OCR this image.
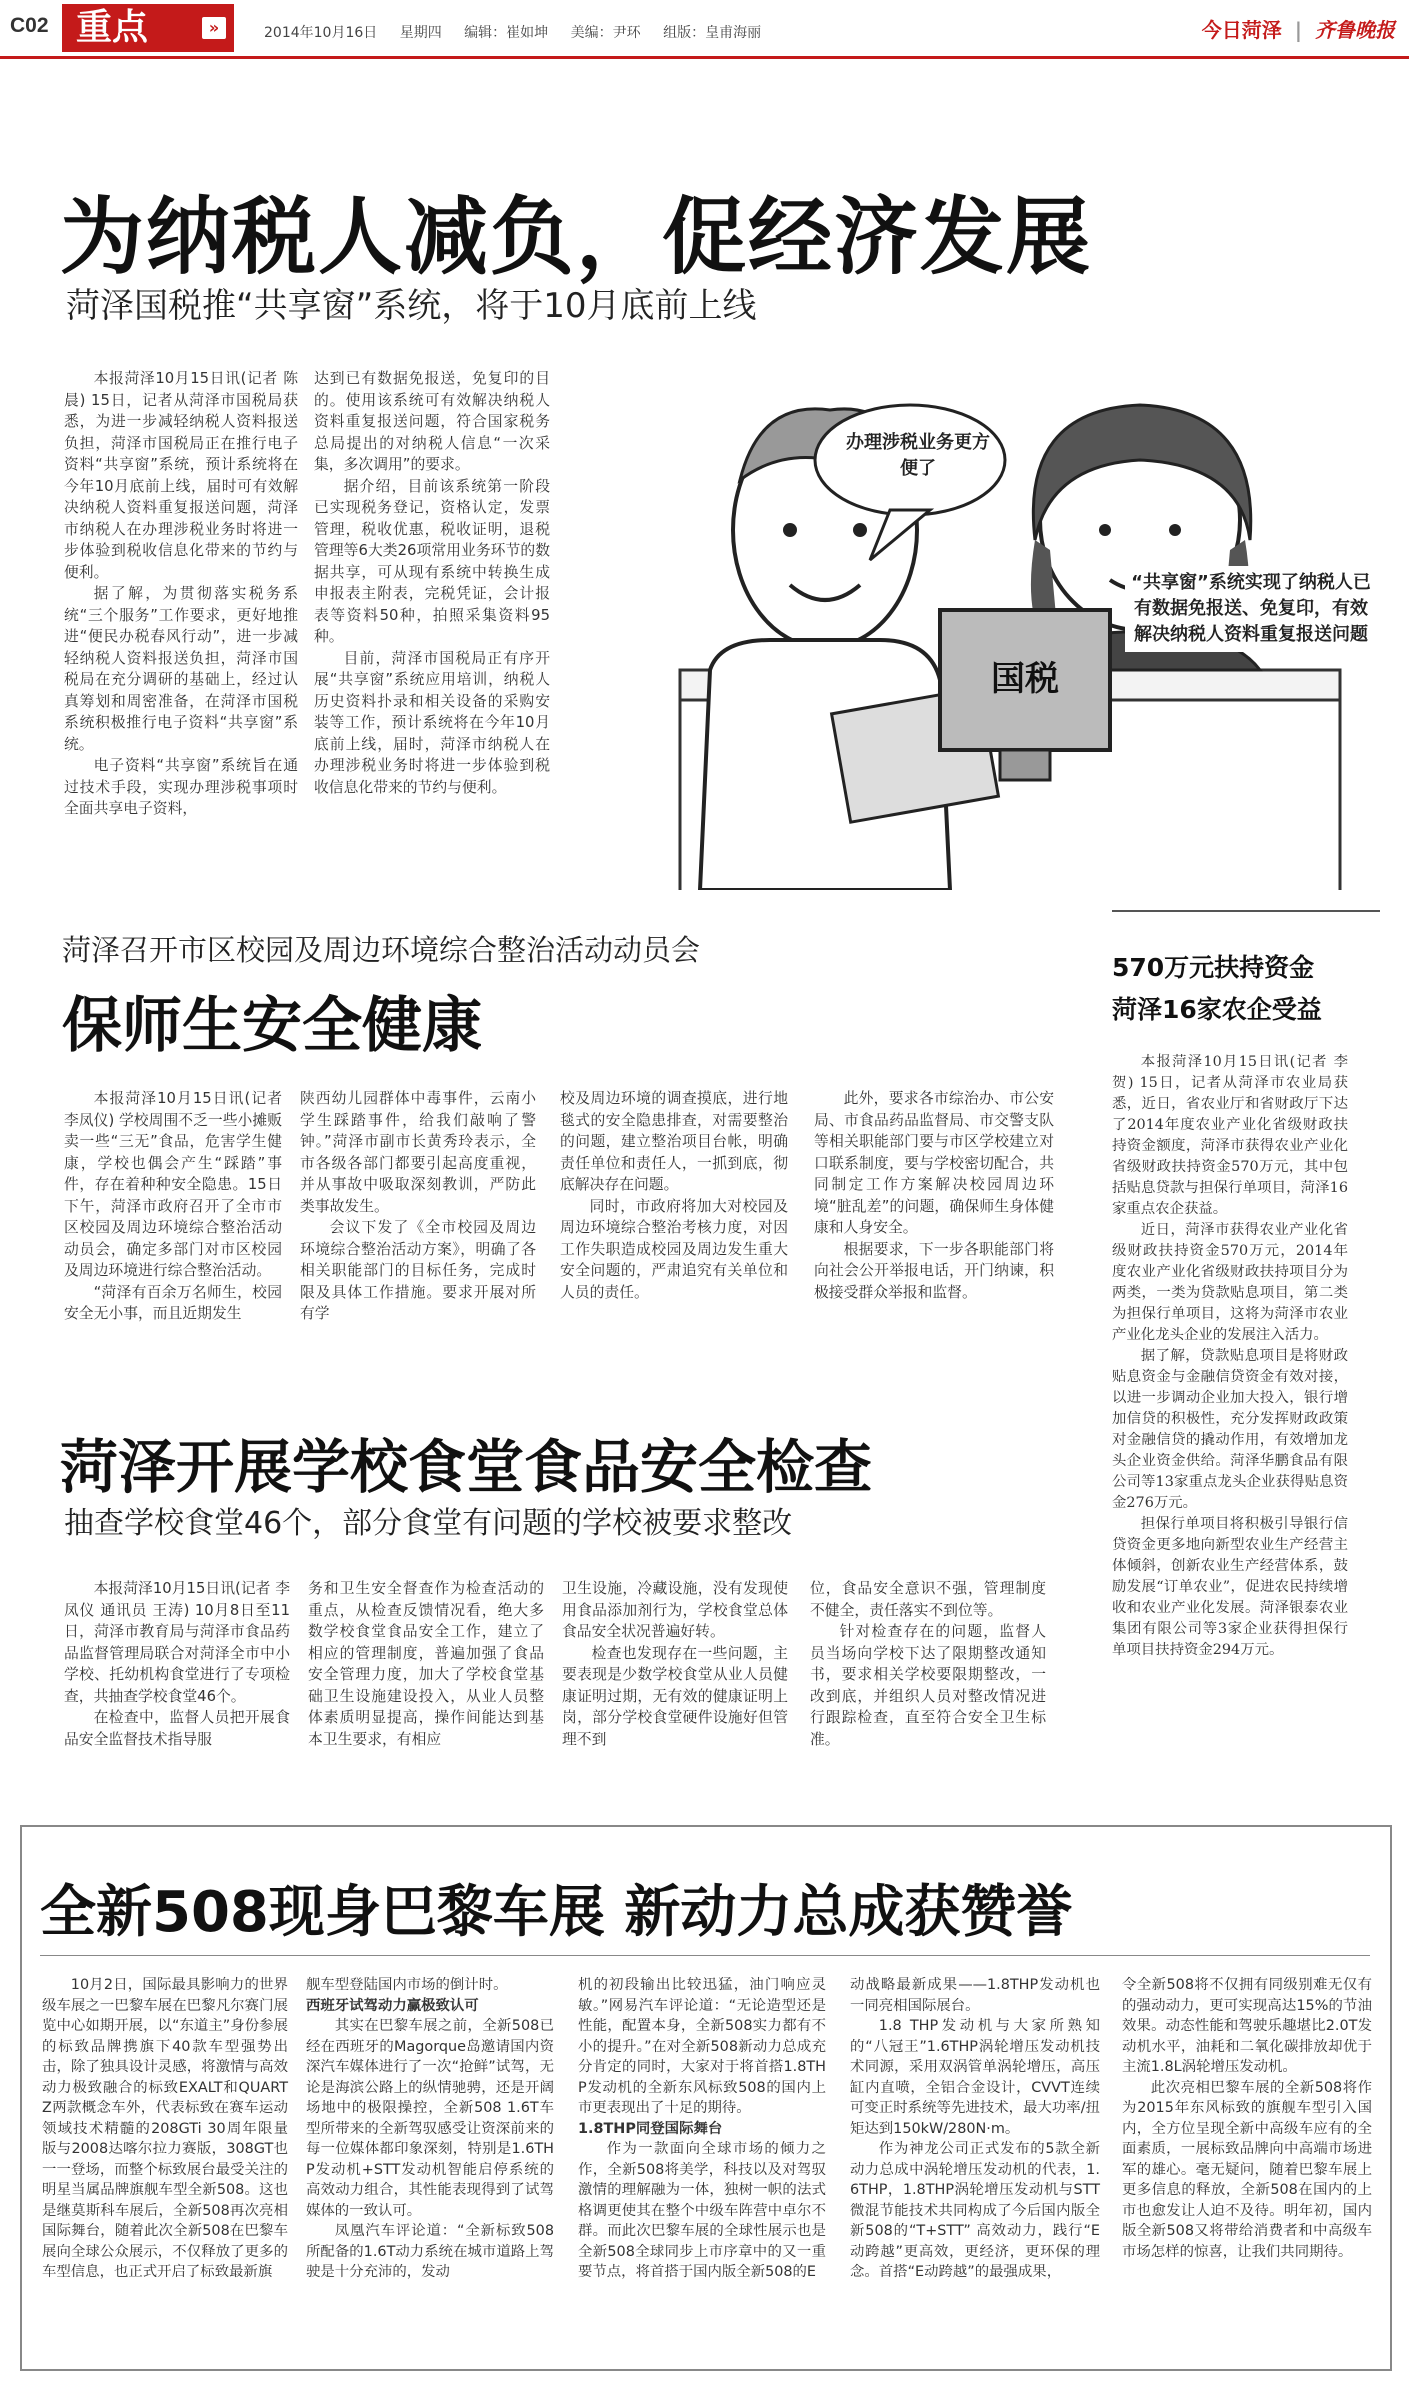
C02 重点	»	2014年10月16日 星期四 编辑：崔如坤 美编：尹环 组版：皇甫海丽	今日菏泽 | 齐鲁晚报
为纳税人减负，促经济发展
菏泽国税推“共享窗”系统，将于10月底前上线

本报菏泽10月15日讯(记者 陈晨) 15日，记者从菏泽市国税局获悉，为进一步减轻纳税人资料报送负担，菏泽市国税局正在推行电子资料“共享窗”系统，预计系统将在今年10月底前上线，届时可有效解决纳税人资料重复报送问题，菏泽市纳税人在办理涉税业务时将进一步体验到税收信息化带来的节约与便利。

据了解，为贯彻落实税务系统“三个服务”工作要求，更好地推进“便民办税春风行动”，进一步减轻纳税人资料报送负担，菏泽市国税局在充分调研的基础上，经过认真筹划和周密准备，在菏泽市国税系统积极推行电子资料“共享窗”系统。

电子资料“共享窗”系统旨在通过技术手段，实现办理涉税事项时全面共享电子资料，

达到已有数据免报送，免复印的目的。使用该系统可有效解决纳税人资料重复报送问题，符合国家税务总局提出的对纳税人信息“一次采集，多次调用”的要求。

据介绍，目前该系统第一阶段已实现税务登记，资格认定，发票管理，税收优惠，税收证明，退税管理等6大类26项常用业务环节的数据共享，可从现有系统中转换生成申报表主附表，完税凭证，会计报表等资料50种，拍照采集资料95种。

目前，菏泽市国税局正有序开展“共享窗”系统应用培训，纳税人历史资料扑录和相关设备的采购安装等工作，预计系统将在今年10月底前上线，届时，菏泽市纳税人在办理涉税业务时将进一步体验到税收信息化带来的节约与便利。

国税
办理涉税业务更方便了
“共享窗”系统实现了纳税人已有数据免报送、免复印，有效解决纳税人资料重复报送问题
菏泽召开市区校园及周边环境综合整治活动动员会
保师生安全健康

本报菏泽10月15日讯(记者 李凤仪) 学校周围不乏一些小摊贩卖一些“三无”食品，危害学生健康，学校也偶会产生“踩踏”事件，存在着种种安全隐患。15日下午，菏泽市政府召开了全市市区校园及周边环境综合整治活动动员会，确定多部门对市区校园及周边环境进行综合整治活动。

“菏泽有百余万名师生，校园安全无小事，而且近期发生

陕西幼儿园群体中毒事件，云南小学生踩踏事件，给我们敲响了警钟。”菏泽市副市长黄秀玲表示，全市各级各部门都要引起高度重视，并从事故中吸取深刻教训，严防此类事故发生。

会议下发了《全市校园及周边环境综合整治活动方案》，明确了各相关职能部门的目标任务，完成时限及具体工作措施。要求开展对所有学

校及周边环境的调查摸底，进行地毯式的安全隐患排查，对需要整治的问题，建立整治项目台帐，明确责任单位和责任人，一抓到底，彻底解决存在问题。

同时，市政府将加大对校园及周边环境综合整治考核力度，对因工作失职造成校园及周边发生重大安全问题的，严肃追究有关单位和人员的责任。

此外，要求各市综治办、市公安局、市食品药品监督局、市交警支队等相关职能部门要与市区学校建立对口联系制度，要与学校密切配合，共同制定工作方案解决校园周边环境“脏乱差”的问题，确保师生身体健康和人身安全。

根据要求，下一步各职能部门将向社会公开举报电话，开门纳谏，积极接受群众举报和监督。

菏泽开展学校食堂食品安全检查
抽查学校食堂46个，部分食堂有问题的学校被要求整改

本报菏泽10月15日讯(记者 李凤仪 通讯员 王涛) 10月8日至11日，菏泽市教育局与菏泽市食品药品监督管理局联合对菏泽全市中小学校、托幼机构食堂进行了专项检查，共抽查学校食堂46个。

在检查中，监督人员把开展食品安全监督技术指导服

务和卫生安全督查作为检查活动的重点，从检查反馈情况看，绝大多数学校食堂食品安全工作，建立了相应的管理制度，普遍加强了食品安全管理力度，加大了学校食堂基础卫生设施建设投入，从业人员整体素质明显提高，操作间能达到基本卫生要求，有相应

卫生设施，冷藏设施，没有发现使用食品添加剂行为，学校食堂总体食品安全状况普遍好转。

检查也发现存在一些问题，主要表现是少数学校食堂从业人员健康证明过期，无有效的健康证明上岗，部分学校食堂硬件设施好但管理不到

位，食品安全意识不强，管理制度不健全，责任落实不到位等。

针对检查存在的问题，监督人员当场向学校下达了限期整改通知书，要求相关学校要限期整改，一改到底，并组织人员对整改情况进行跟踪检查，直至符合安全卫生标准。

570万元扶持资金
菏泽16家农企受益

本报菏泽10月15日讯(记者 李贺) 15日，记者从菏泽市农业局获悉，近日，省农业厅和省财政厅下达了2014年度农业产业化省级财政扶持资金额度，菏泽市获得农业产业化省级财政扶持资金570万元，其中包括贴息贷款与担保行单项目，菏泽16家重点农企获益。

近日，菏泽市获得农业产业化省级财政扶持资金570万元，2014年度农业产业化省级财政扶持项目分为两类，一类为贷款贴息项目，第二类为担保行单项目，这将为菏泽市农业产业化龙头企业的发展注入活力。

据了解，贷款贴息项目是将财政贴息资金与金融信贷资金有效对接，以进一步调动企业加大投入，银行增加信贷的积极性，充分发挥财政政策对金融信贷的撬动作用，有效增加龙头企业资金供给。菏泽华鹏食品有限公司等13家重点龙头企业获得贴息资金276万元。

担保行单项目将积极引导银行信贷资金更多地向新型农业生产经营主体倾斜，创新农业生产经营体系，鼓励发展“订单农业”，促进农民持续增收和农业产业化发展。菏泽银泰农业集团有限公司等3家企业获得担保行单项目扶持资金294万元。

全新508现身巴黎车展 新动力总成获赞誉

10月2日，国际最具影响力的世界级车展之一巴黎车展在巴黎凡尔赛门展览中心如期开展，以“东道主”身份参展的标致品牌携旗下40款车型强势出击，除了独具设计灵感，将激情与高效动力极致融合的标致EXALT和QUARTZ两款概念车外，代表标致在赛车运动领域技术精髓的208GTi 30周年限量版与2008达喀尔拉力赛版，308GT也一一登场，而整个标致展台最受关注的明星当属品牌旗舰车型全新508。这也是继莫斯科车展后，全新508再次亮相国际舞台，随着此次全新508在巴黎车展向全球公众展示，不仅释放了更多的车型信息，也正式开启了标致最新旗

舰车型登陆国内市场的倒计时。

西班牙试驾动力赢极致认可

其实在巴黎车展之前，全新508已经在西班牙的Magorque岛邀请国内资深汽车媒体进行了一次“抢鲜”试驾，无论是海滨公路上的纵情驰骋，还是开阔场地中的极限操控，全新508 1.6T车型所带来的全新驾驭感受让资深前来的每一位媒体都印象深刻，特别是1.6THP发动机+STT发动机智能启停系统的高效动力组合，其性能表现得到了试驾媒体的一致认可。

凤凰汽车评论道：“全新标致508所配备的1.6T动力系统在城市道路上驾驶是十分充沛的，发动

机的初段输出比较迅猛，油门响应灵敏。”网易汽车评论道：“无论造型还是性能，配置本身，全新508实力都有不小的提升。”在对全新508新动力总成充分肯定的同时，大家对于将首搭1.8THP发动机的全新东风标致508的国内上市更表现出了十足的期待。

1.8THP同登国际舞台

作为一款面向全球市场的倾力之作，全新508将美学，科技以及对驾驭激情的理解融为一体，独树一帜的法式格调更使其在整个中级车阵营中卓尔不群。而此次巴黎车展的全球性展示也是全新508全球同步上市序章中的又一重要节点，将首搭于国内版全新508的E

动战略最新成果——1.8THP发动机也一同亮相国际展台。

1.8 THP发动机与大家所熟知的“八冠王”1.6THP涡轮增压发动机技术同源，采用双涡管单涡轮增压，高压缸内直喷，全铝合金设计，CVVT连续可变正时系统等先进技术，最大功率/扭矩达到150kW/280N·m。

作为神龙公司正式发布的5款全新动力总成中涡轮增压发动机的代表，1.6THP，1.8THP涡轮增压发动机与STT微混节能技术共同构成了今后国内版全新508的“T+STT” 高效动力，践行“E动跨越”更高效，更经济，更环保的理念。首搭“E动跨越”的最强成果，

令全新508将不仅拥有同级别难无仅有的强动动力，更可实现高达15%的节油效果。动态性能和驾驶乐趣堪比2.0T发动机水平，油耗和二氧化碳排放却优于主流1.8L涡轮增压发动机。

此次亮相巴黎车展的全新508将作为2015年东风标致的旗舰车型引入国内，全方位呈现全新中高级车应有的全面素质，一展标致品牌向中高端市场进军的雄心。毫无疑问，随着巴黎车展上更多信息的释放，全新508在国内的上市也愈发让人迫不及待。明年初，国内版全新508又将带给消费者和中高级车市场怎样的惊喜，让我们共同期待。
